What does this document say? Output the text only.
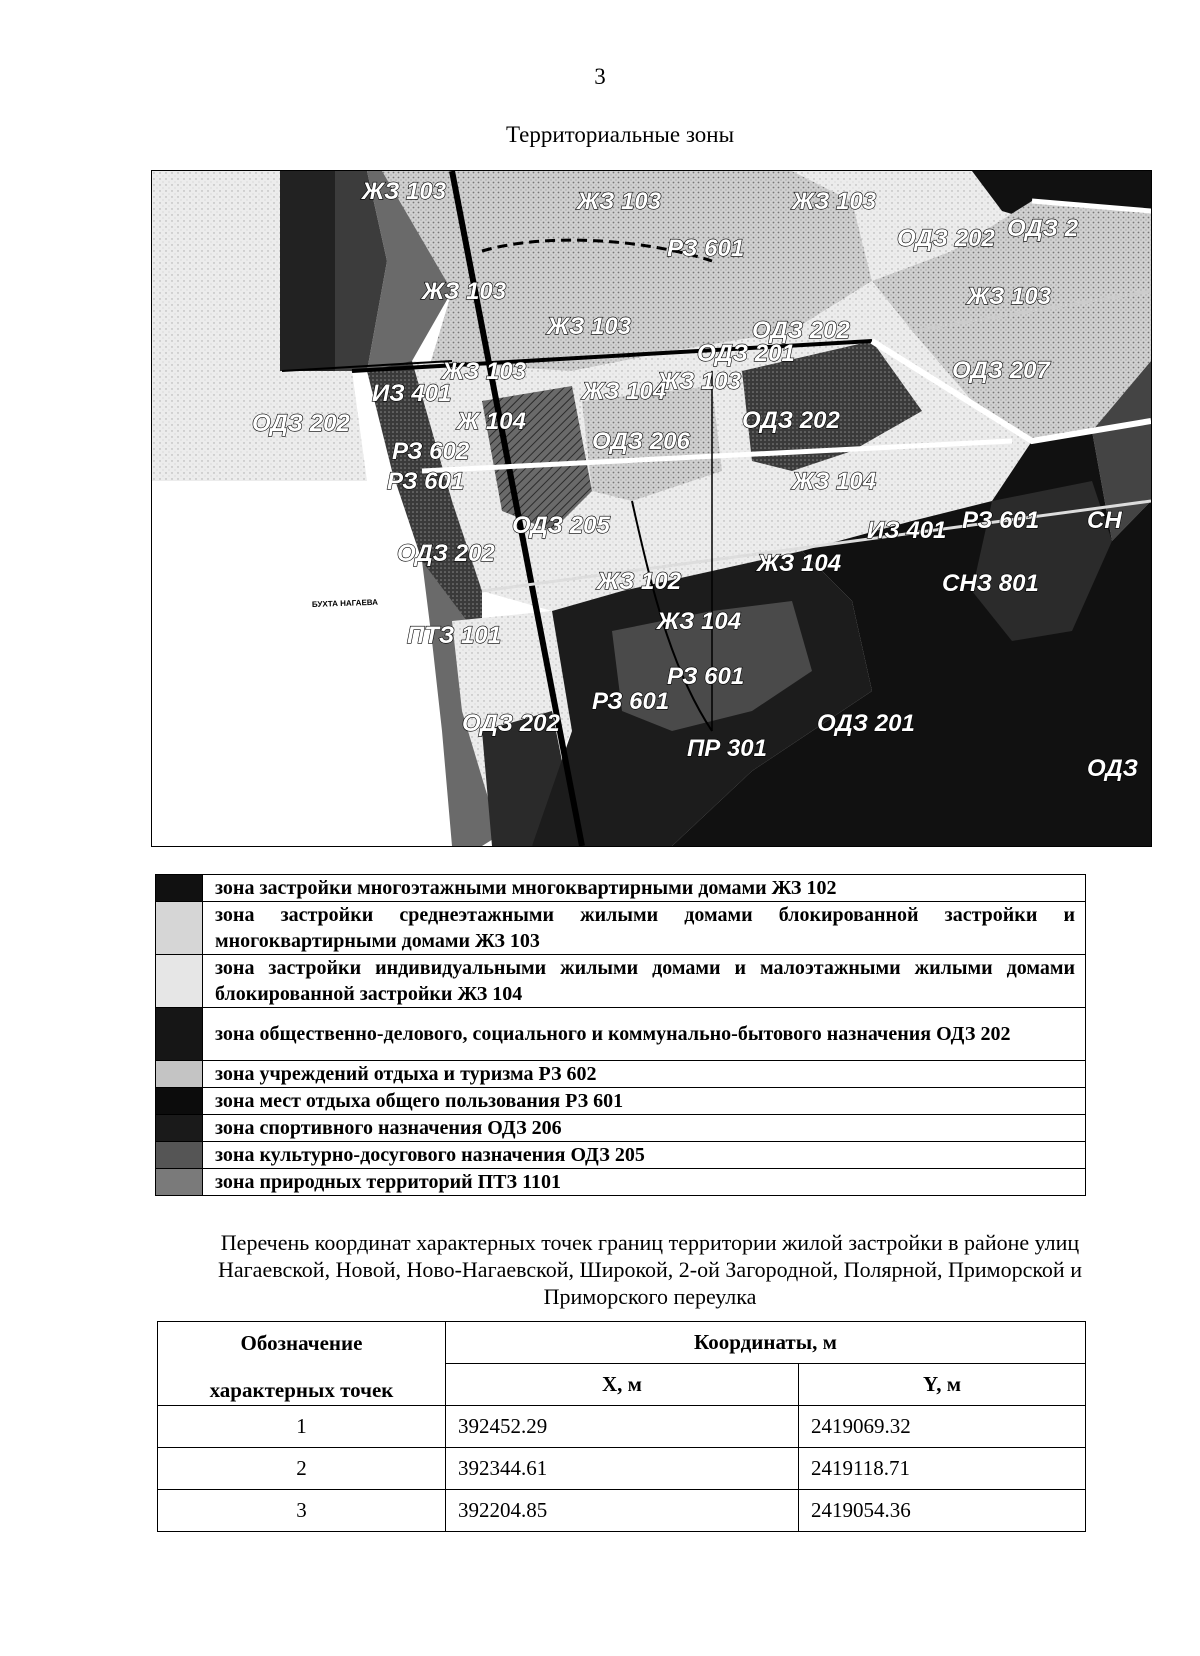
3
Территориальные зоны
БУХТА НАГАЕВА
ЖЗ 103	ЖЗ 103	ЖЗ 103
РЗ 601	ОДЗ 202 ОДЗ 2
ЖЗ 103
ЖЗ 103
ЖЗ 103	ЖЗ 103
ОДЗ 202
ОДЗ 201
ОДЗ 207
ЖЗ 103
ИЗ 401	ЖЗ 104
ОДЗ 202	Ж 104
ОДЗ 206
РЗ 602
ОДЗ 202
ЖЗ 104
РЗ 601
ОДЗ 205	ИЗ 401 РЗ 601 СН
ОДЗ 202
ЖЗ 102
ЖЗ 104
СНЗ 801
ПТЗ 101
ЖЗ 104
РЗ 601
РЗ 601
ОДЗ 202	ОДЗ 201
ПР 301
ОДЗ
	зона застройки многоэтажными многоквартирными домами ЖЗ 102
	зона застройки среднеэтажными жилыми домами блокированной застройки и многоквартирными домами ЖЗ 103
	зона застройки индивидуальными жилыми домами и малоэтажными жилыми домами блокированной застройки ЖЗ 104
	зона общественно-делового, социального и коммунально-бытового назначения ОДЗ 202
	зона учреждений отдыха и туризма РЗ 602
	зона мест отдыха общего пользования РЗ 601
	зона спортивного назначения ОДЗ 206
	зона культурно-досугового назначения ОДЗ 205
	зона природных территорий ПТЗ 1101
Перечень координат характерных точек границ территории жилой застройки в районе улиц Нагаевской, Новой, Ново-Нагаевской, Широкой, 2-ой Загородной, Полярной, Приморской и Приморского переулка
Обозначение
характерных точек	Координаты, м	
	X, м	Y, м
1	392452.29	2419069.32
2	392344.61	2419118.71
3	392204.85	2419054.36
